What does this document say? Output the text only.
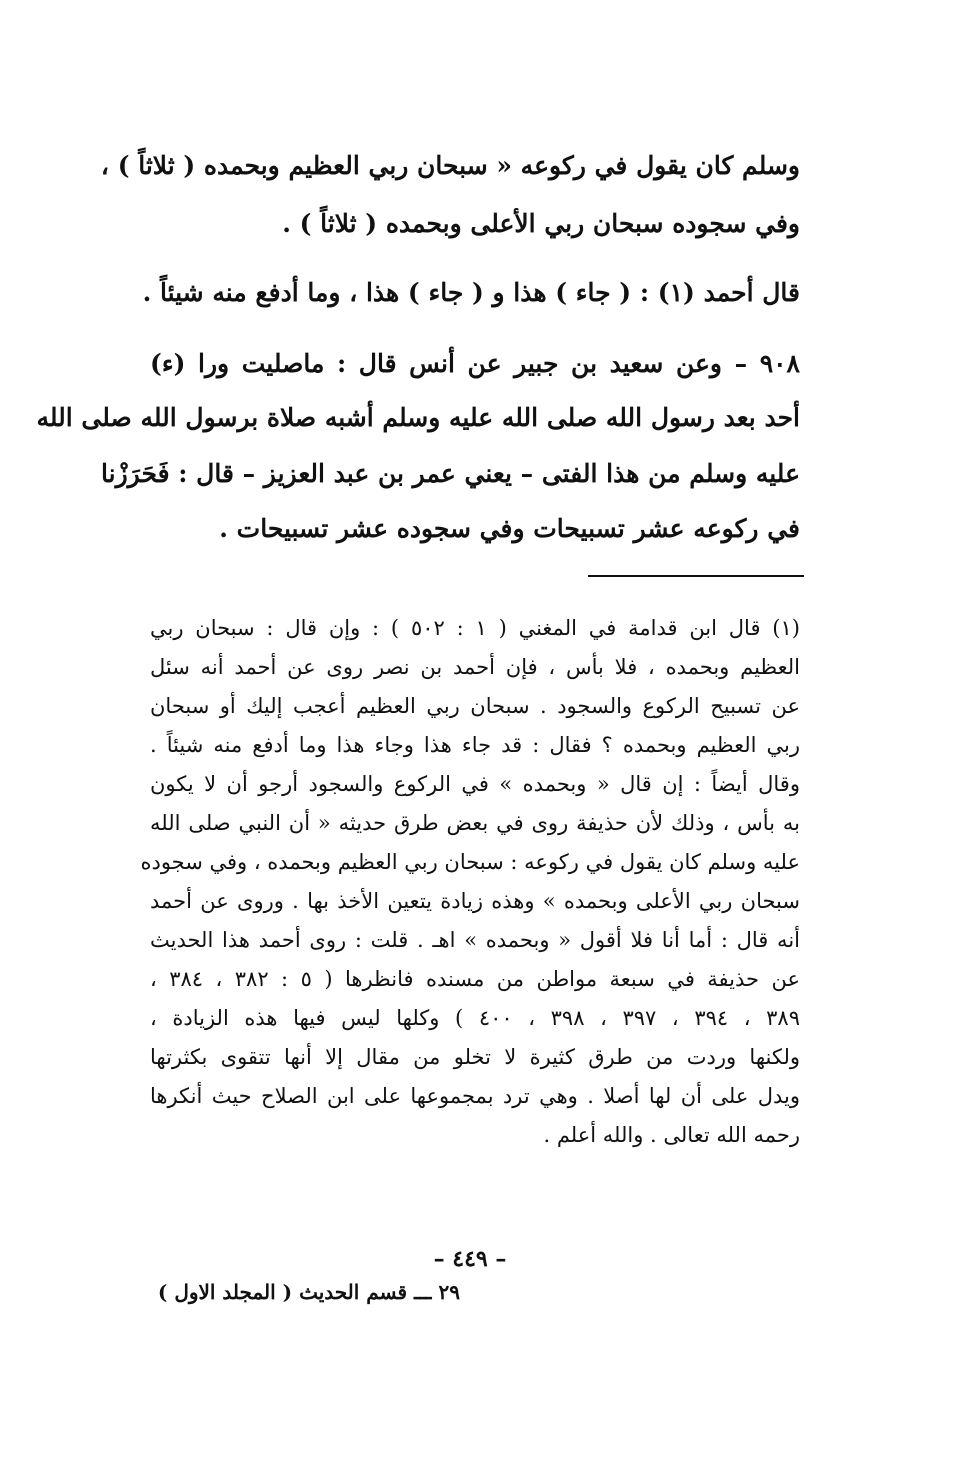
وسلم كان يقول في ركوعه « سبحان ربي العظيم وبحمده ( ثلاثاً ) ،
وفي سجوده سبحان ربي الأعلى وبحمده ( ثلاثاً ) .
قال أحمد (١) : ( جاء ) هذا و ( جاء ) هذا ، وما أدفع منه شيئاً .
٩٠٨ – وعن سعيد بن جبير عن أنس قال : ماصليت ورا (ء)
أحد بعد رسول الله صلى الله عليه وسلم أشبه صلاة برسول الله صلى الله
عليه وسلم من هذا الفتى – يعني عمر بن عبد العزيز – قال : فَحَرَزْنا
في ركوعه عشر تسبيحات وفي سجوده عشر تسبيحات .
(١) قال ابن قدامة في المغني ( ١ : ٥٠٢ ) : وإن قال : سبحان ربي
العظيم وبحمده ، فلا بأس ، فإن أحمد بن نصر روى عن أحمد أنه سئل
عن تسبيح الركوع والسجود . سبحان ربي العظيم أعجب إليك أو سبحان
ربي العظيم وبحمده ؟ فقال : قد جاء هذا وجاء هذا وما أدفع منه شيئاً .
وقال أيضاً : إن قال « وبحمده » في الركوع والسجود أرجو أن لا يكون
به بأس ، وذلك لأن حذيفة روى في بعض طرق حديثه « أن النبي صلى الله
عليه وسلم كان يقول في ركوعه : سبحان ربي العظيم وبحمده ، وفي سجوده
سبحان ربي الأعلى وبحمده » وهذه زيادة يتعين الأخذ بها . وروى عن أحمد
أنه قال : أما أنا فلا أقول « وبحمده » اهـ . قلت : روى أحمد هذا الحديث
عن حذيفة في سبعة مواطن من مسنده فانظرها ( ٥ : ٣٨٢ ، ٣٨٤ ،
٣٨٩ ، ٣٩٤ ، ٣٩٧ ، ٣٩٨ ، ٤٠٠ ) وكلها ليس فيها هذه الزيادة ،
ولكنها وردت من طرق كثيرة لا تخلو من مقال إلا أنها تتقوى بكثرتها
ويدل على أن لها أصلا . وهي ترد بمجموعها على ابن الصلاح حيث أنكرها
رحمه الله تعالى . والله أعلم .
– ٤٤٩ –
٢٩ ـــ قسم الحديث ( المجلد الاول )
